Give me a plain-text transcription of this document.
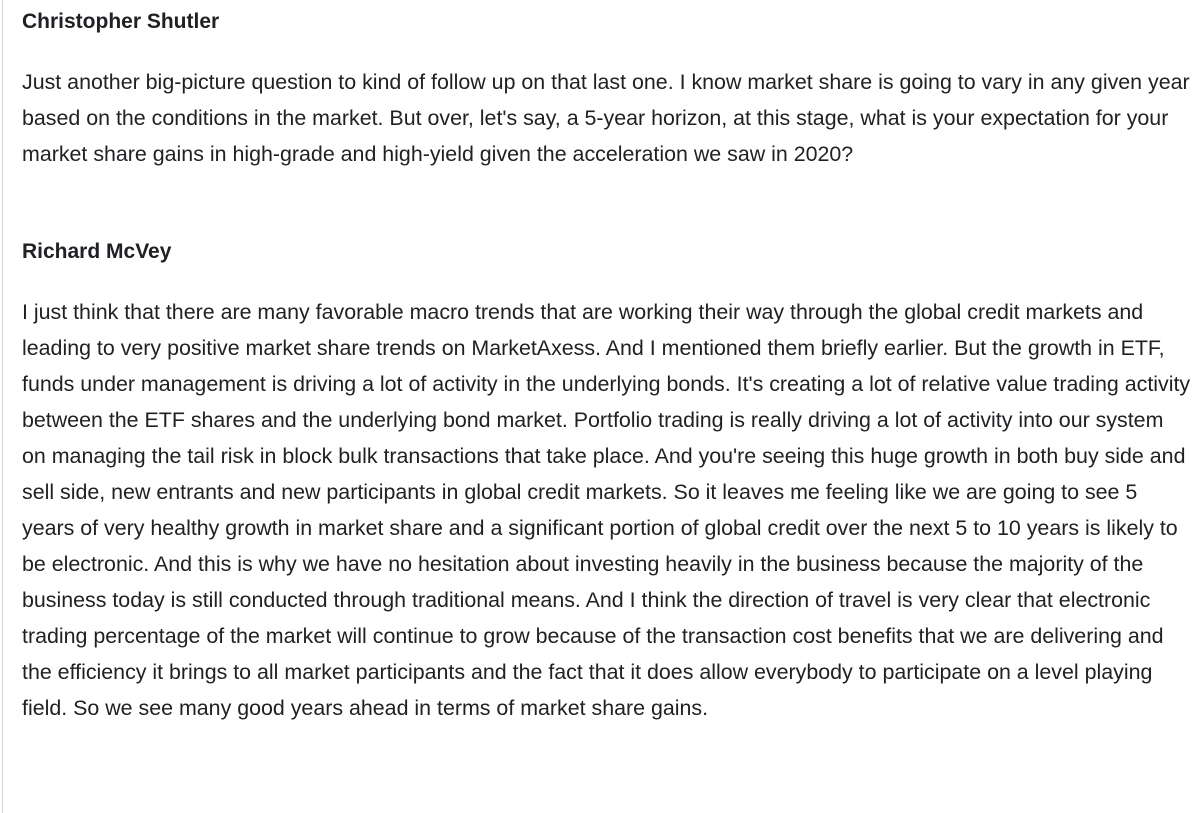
Christopher Shutler

Just another big-picture question to kind of follow up on that last one. I know market share is going to vary in any given year based on the conditions in the market. But over, let's say, a 5-year horizon, at this stage, what is your expectation for your market share gains in high-grade and high-yield given the acceleration we saw in 2020?

Richard McVey

I just think that there are many favorable macro trends that are working their way through the global credit markets and leading to very positive market share trends on MarketAxess. And I mentioned them briefly earlier. But the growth in ETF, funds under management is driving a lot of activity in the underlying bonds. It's creating a lot of relative value trading activity between the ETF shares and the underlying bond market. Portfolio trading is really driving a lot of activity into our system on managing the tail risk in block bulk transactions that take place. And you're seeing this huge growth in both buy side and sell side, new entrants and new participants in global credit markets. So it leaves me feeling like we are going to see 5 years of very healthy growth in market share and a significant portion of global credit over the next 5 to 10 years is likely to be electronic. And this is why we have no hesitation about investing heavily in the business because the majority of the business today is still conducted through traditional means. And I think the direction of travel is very clear that electronic trading percentage of the market will continue to grow because of the transaction cost benefits that we are delivering and the efficiency it brings to all market participants and the fact that it does allow everybody to participate on a level playing field. So we see many good years ahead in terms of market share gains.
